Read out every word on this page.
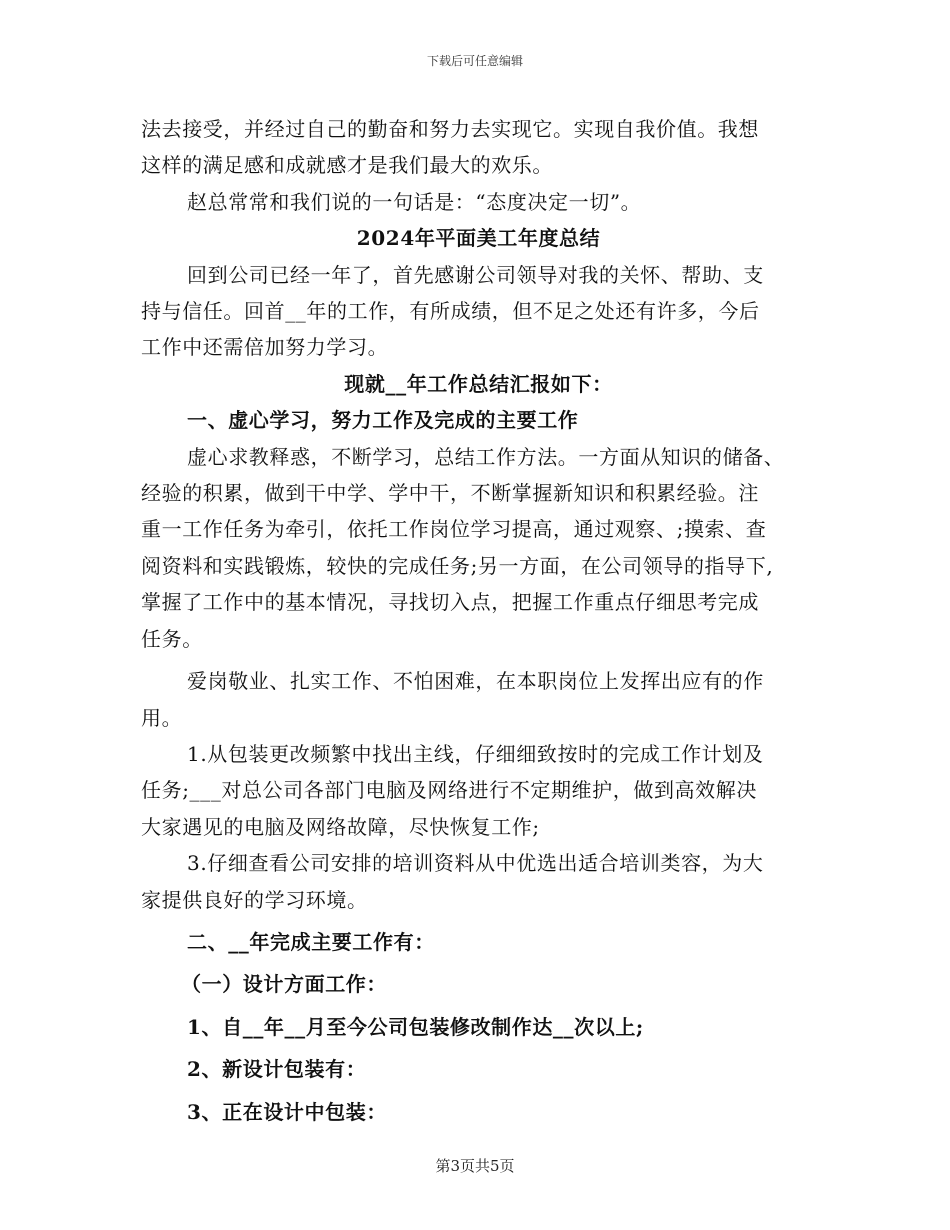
下载后可任意编辑
法去接受，并经过自己的勤奋和努力去实现它。实现自我价值。我想
这样的满足感和成就感才是我们最大的欢乐。
赵总常常和我们说的一句话是：“态度决定一切”。
2024年平面美工年度总结
回到公司已经一年了，首先感谢公司领导对我的关怀、帮助、支
持与信任。回首__年的工作，有所成绩，但不足之处还有许多，今后
工作中还需倍加努力学习。
现就__年工作总结汇报如下：
一、虚心学习，努力工作及完成的主要工作
虚心求教释惑，不断学习，总结工作方法。一方面从知识的储备、
经验的积累，做到干中学、学中干，不断掌握新知识和积累经验。注
重一工作任务为牵引，依托工作岗位学习提高，通过观察、;摸索、查
阅资料和实践锻炼，较快的完成任务;另一方面，在公司领导的指导下,
掌握了工作中的基本情况，寻找切入点，把握工作重点仔细思考完成
任务。
爱岗敬业、扎实工作、不怕困难，在本职岗位上发挥出应有的作
用。
1.从包装更改频繁中找出主线，仔细细致按时的完成工作计划及
任务;___对总公司各部门电脑及网络进行不定期维护，做到高效解决
大家遇见的电脑及网络故障，尽快恢复工作;
3.仔细查看公司安排的培训资料从中优选出适合培训类容，为大
家提供良好的学习环境。
二、__年完成主要工作有：
（一）设计方面工作：
1、自__年__月至今公司包装修改制作达__次以上;
2、新设计包装有：
3、正在设计中包装：
第3页共5页
